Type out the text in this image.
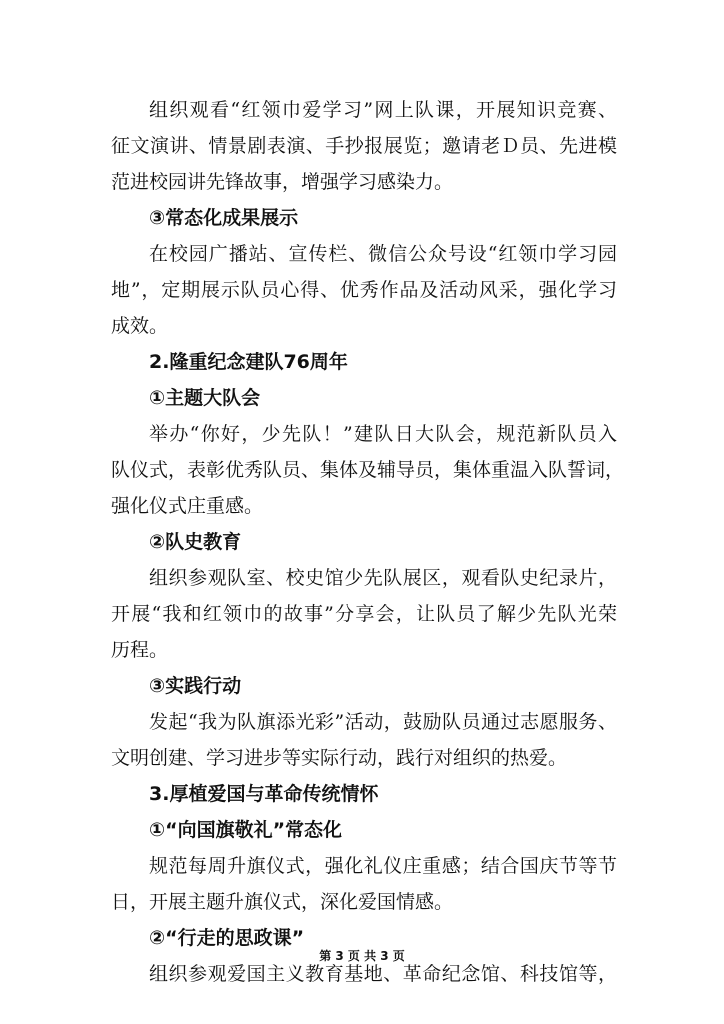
组织观看“红领巾爱学习”网上队课，开展知识竞赛、
征文演讲、情景剧表演、手抄报展览；邀请老Ｄ员、先进模
范进校园讲先锋故事，增强学习感染力。
③常态化成果展示
在校园广播站、宣传栏、微信公众号设“红领巾学习园
地”，定期展示队员心得、优秀作品及活动风采，强化学习
成效。
2.隆重纪念建队76周年
①主题大队会
举办“你好，少先队！”建队日大队会，规范新队员入
队仪式，表彰优秀队员、集体及辅导员，集体重温入队誓词，
强化仪式庄重感。
②队史教育
组织参观队室、校史馆少先队展区，观看队史纪录片，
开展“我和红领巾的故事”分享会，让队员了解少先队光荣
历程。
③实践行动
发起“我为队旗添光彩”活动，鼓励队员通过志愿服务、
文明创建、学习进步等实际行动，践行对组织的热爱。
3.厚植爱国与革命传统情怀
①“向国旗敬礼”常态化
规范每周升旗仪式，强化礼仪庄重感；结合国庆节等节
日，开展主题升旗仪式，深化爱国情感。
②“行走的思政课”
组织参观爱国主义教育基地、革命纪念馆、科技馆等，
第 3 页 共 3 页
